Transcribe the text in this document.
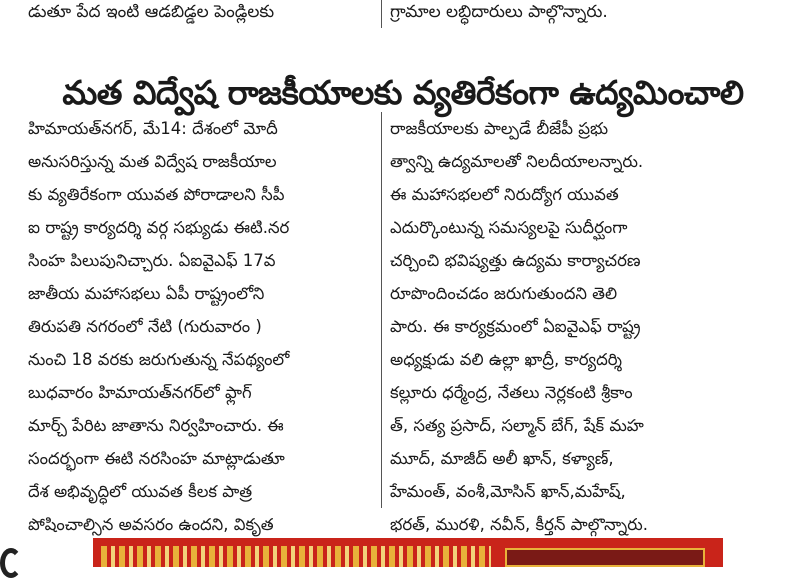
డుతూ పేద ఇంటి ఆడబిడ్డల పెండ్లిలకు	గ్రామాల లబ్ధిదారులు పాల్గొన్నారు.
మత విద్వేష రాజకీయాలకు వ్యతిరేకంగా ఉద్యమించాలి
హిమాయత్‌నగర్, మే14: దేశంలో మోదీ
అనుసరిస్తున్న మత విద్వేష రాజకీయాల
కు వ్యతిరేకంగా యువత పోరాడాలని సీపీ
ఐ రాష్ట్ర కార్యదర్శి వర్గ సభ్యుడు ఈటి.నర
సింహ పిలుపునిచ్చారు. ఏఐవైఎఫ్ 17వ
జాతీయ మహాసభలు ఏపీ రాష్ట్రంలోని
తిరుపతి నగరంలో నేటి (గురువారం )
నుంచి 18 వరకు జరుగుతున్న నేపథ్యంలో
బుధవారం హిమాయత్‌నగర్‌లో ఫ్లాగ్
మార్చ్ పేరిట జాతాను నిర్వహించారు. ఈ
సందర్భంగా ఈటి నరసింహ మాట్లాడుతూ
దేశ అభివృద్ధిలో యువత కీలక పాత్ర
పోషించాల్సిన అవసరం ఉందని, వికృత
రాజకీయాలకు పాల్పడే బీజేపీ ప్రభు
త్వాన్ని ఉద్యమాలతో నిలదీయాలన్నారు.
ఈ మహాసభలలో నిరుద్యోగ యువత
ఎదుర్కొంటున్న సమస్యలపై సుదీర్ఘంగా
చర్చించి భవిష్యత్తు ఉద్యమ కార్యాచరణ
రూపొందించడం జరుగుతుందని తెలి
పారు. ఈ కార్యక్రమంలో ఏఐవైఎఫ్ రాష్ట్ర
అధ్యక్షుడు వలి ఉల్లా ఖాద్రీ, కార్యదర్శి
కల్లూరు ధర్మేంద్ర, నేతలు నెర్లకంటి శ్రీకాం
త్, సత్య ప్రసాద్, సల్మాన్ బేగ్, షేక్ మహ
మూద్, మాజీద్ అలీ ఖాన్, కళ్యాణ్,
హేమంత్, వంశీ,మోసిన్ ఖాన్,మహేష్,
భరత్, మురళి, నవీన్, కీర్తన్ పాల్గొన్నారు.
